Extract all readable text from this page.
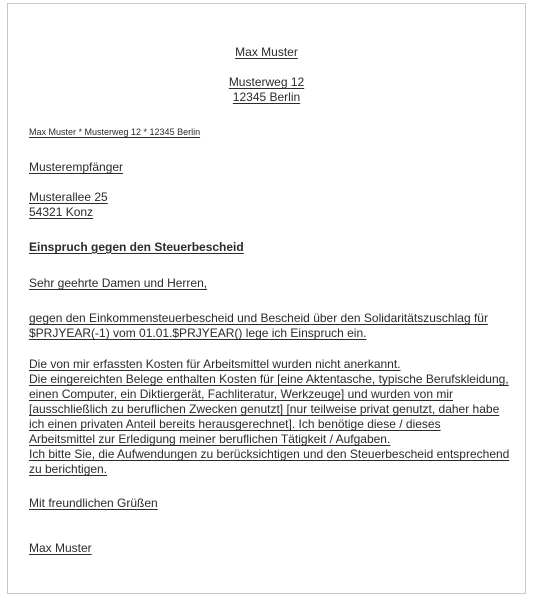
Max Muster
Musterweg 12
12345 Berlin
Max Muster * Musterweg 12 * 12345 Berlin
Musterempfänger
Musterallee 25
54321 Konz
Einspruch gegen den Steuerbescheid
Sehr geehrte Damen und Herren,
gegen den Einkommensteuerbescheid und Bescheid über den Solidaritätszuschlag für
$PRJYEAR(-1) vom 01.01.$PRJYEAR() lege ich Einspruch ein.
Die von mir erfassten Kosten für Arbeitsmittel wurden nicht anerkannt.
Die eingereichten Belege enthalten Kosten für [eine Aktentasche, typische Berufskleidung,
einen Computer, ein Diktiergerät, Fachliteratur, Werkzeuge] und wurden von mir
[ausschließlich zu beruflichen Zwecken genutzt] [nur teilweise privat genutzt, daher habe
ich einen privaten Anteil bereits herausgerechnet]. Ich benötige diese / dieses
Arbeitsmittel zur Erledigung meiner beruflichen Tätigkeit / Aufgaben.
Ich bitte Sie, die Aufwendungen zu berücksichtigen und den Steuerbescheid entsprechend
zu berichtigen.
Mit freundlichen Grüßen
Max Muster
